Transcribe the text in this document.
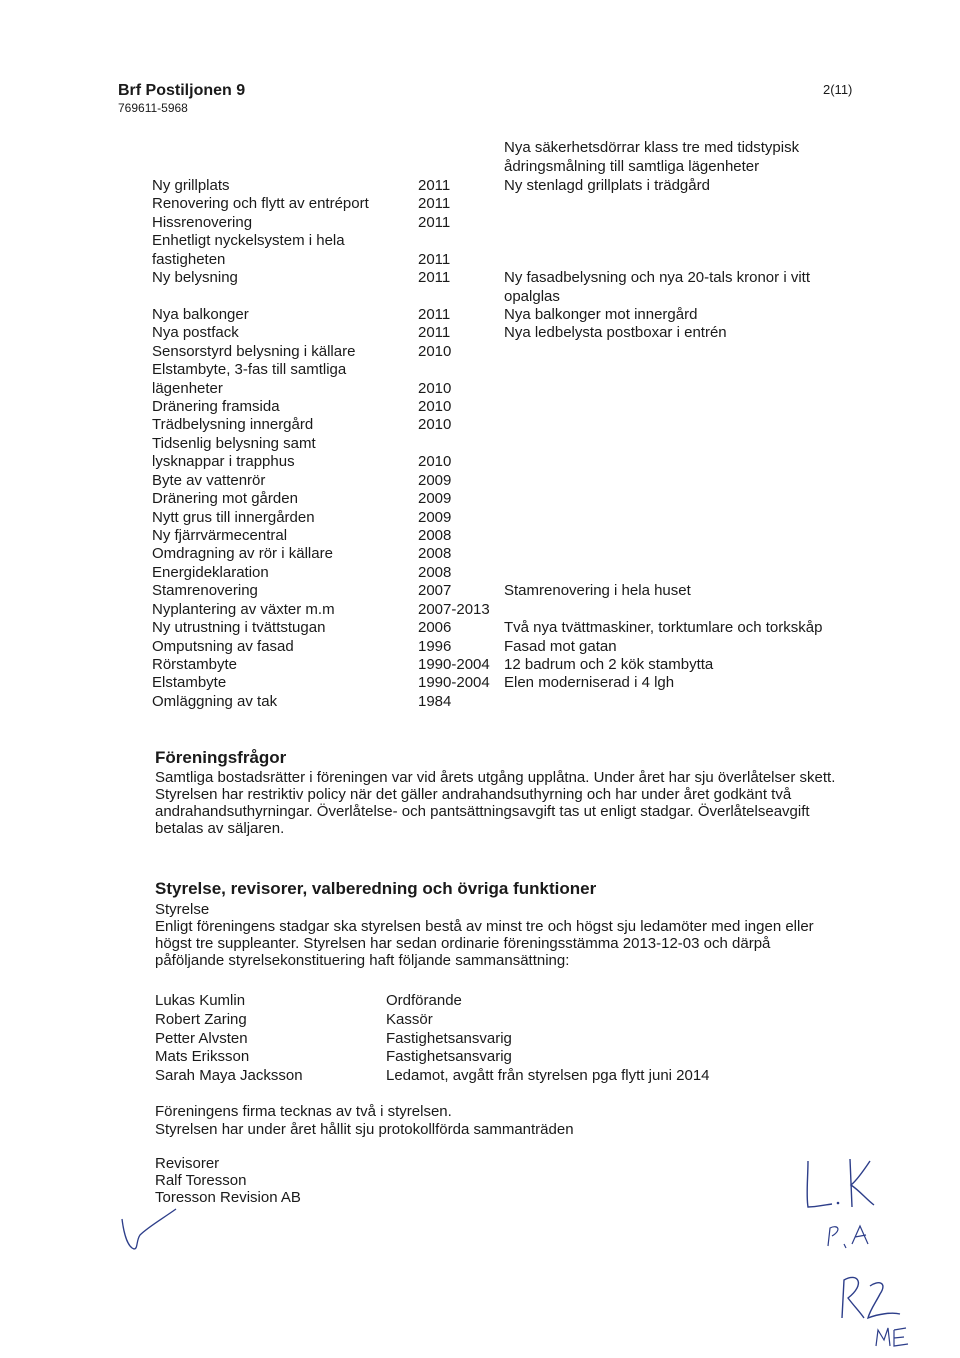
Brf Postiljonen 9
769611-5968
2(11)
Nya säkerhetsdörrar klass tre med tidstypisk
ådringsmålning till samtliga lägenheter
Ny grillplats	2011	Ny stenlagd grillplats i trädgård
Renovering och flytt av entréport	2011
Hissrenovering	2011
Enhetligt nyckelsystem i hela
fastigheten	2011
Ny belysning	2011	Ny fasadbelysning och nya 20-tals kronor i vitt
opalglas
Nya balkonger	2011	Nya balkonger mot innergård
Nya postfack	2011	Nya ledbelysta postboxar i entrén
Sensorstyrd belysning i källare	2010
Elstambyte, 3-fas till samtliga
lägenheter	2010
Dränering framsida	2010
Trädbelysning innergård	2010
Tidsenlig belysning samt
lysknappar i trapphus	2010
Byte av vattenrör	2009
Dränering mot gården	2009
Nytt grus till innergården	2009
Ny fjärrvärmecentral	2008
Omdragning av rör i källare	2008
Energideklaration	2008
Stamrenovering	2007	Stamrenovering i hela huset
Nyplantering av växter m.m	2007-2013
Ny utrustning i tvättstugan	2006	Två nya tvättmaskiner, torktumlare och torkskåp
Omputsning av fasad	1996	Fasad mot gatan
Rörstambyte	1990-2004 12 badrum och 2 kök stambytta
Elstambyte	1990-2004 Elen moderniserad i 4 lgh
Omläggning av tak	1984
Föreningsfrågor
Samtliga bostadsrätter i föreningen var vid årets utgång upplåtna. Under året har sju överlåtelser skett.
Styrelsen har restriktiv policy när det gäller andrahandsuthyrning och har under året godkänt två
andrahandsuthyrningar. Överlåtelse- och pantsättningsavgift tas ut enligt stadgar. Överlåtelseavgift
betalas av säljaren.
Styrelse, revisorer, valberedning och övriga funktioner
Styrelse
Enligt föreningens stadgar ska styrelsen bestå av minst tre och högst sju ledamöter med ingen eller
högst tre suppleanter. Styrelsen har sedan ordinarie föreningsstämma 2013-12-03 och därpå
påföljande styrelsekonstituering haft följande sammansättning:
Lukas Kumlin	Ordförande
Robert Zaring	Kassör
Petter Alvsten	Fastighetsansvarig
Mats Eriksson	Fastighetsansvarig
Sarah Maya Jacksson	Ledamot, avgått från styrelsen pga flytt juni 2014
Föreningens firma tecknas av två i styrelsen.
Styrelsen har under året hållit sju protokollförda sammanträden
Revisorer
Ralf Toresson
Toresson Revision AB
